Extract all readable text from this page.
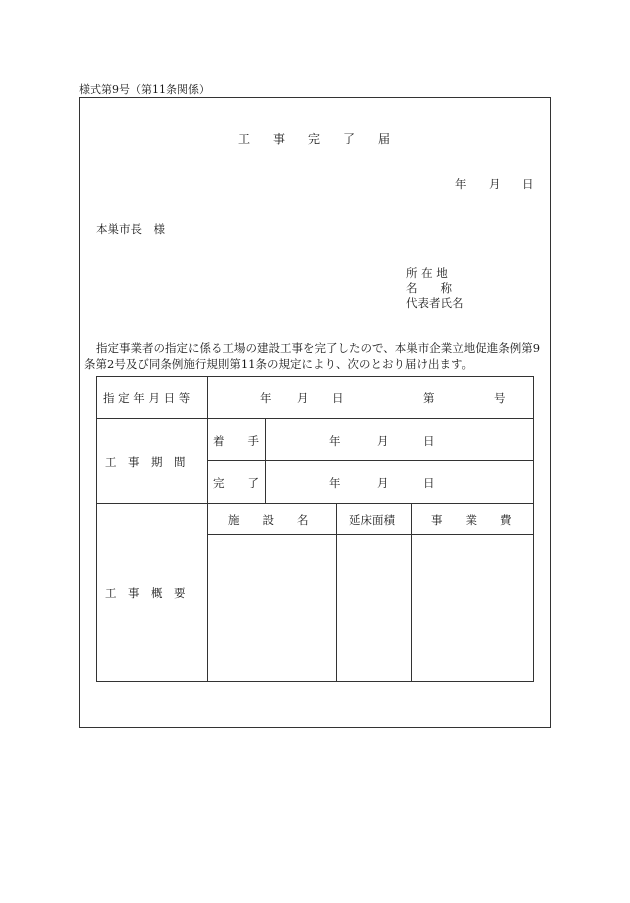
様式第9号（第11条関係）
工事完了届
年 月 日
本巣市長　様
所 在 地
名　　称
代表者氏名
指定事業者の指定に係る工場の建設工事を完了したので、本巣市企業立地促進条例第9
条第2号及び同条例施行規則第11条の規定により、次のとおり届け出ます。
指 定 年 月 日 等	年 月 日	第	号
工　事　期　間
着　　手	年	月	日
完　　了	年	月	日
工　事　概　要
施　　設　　名	延床面積	事　　業　　費
